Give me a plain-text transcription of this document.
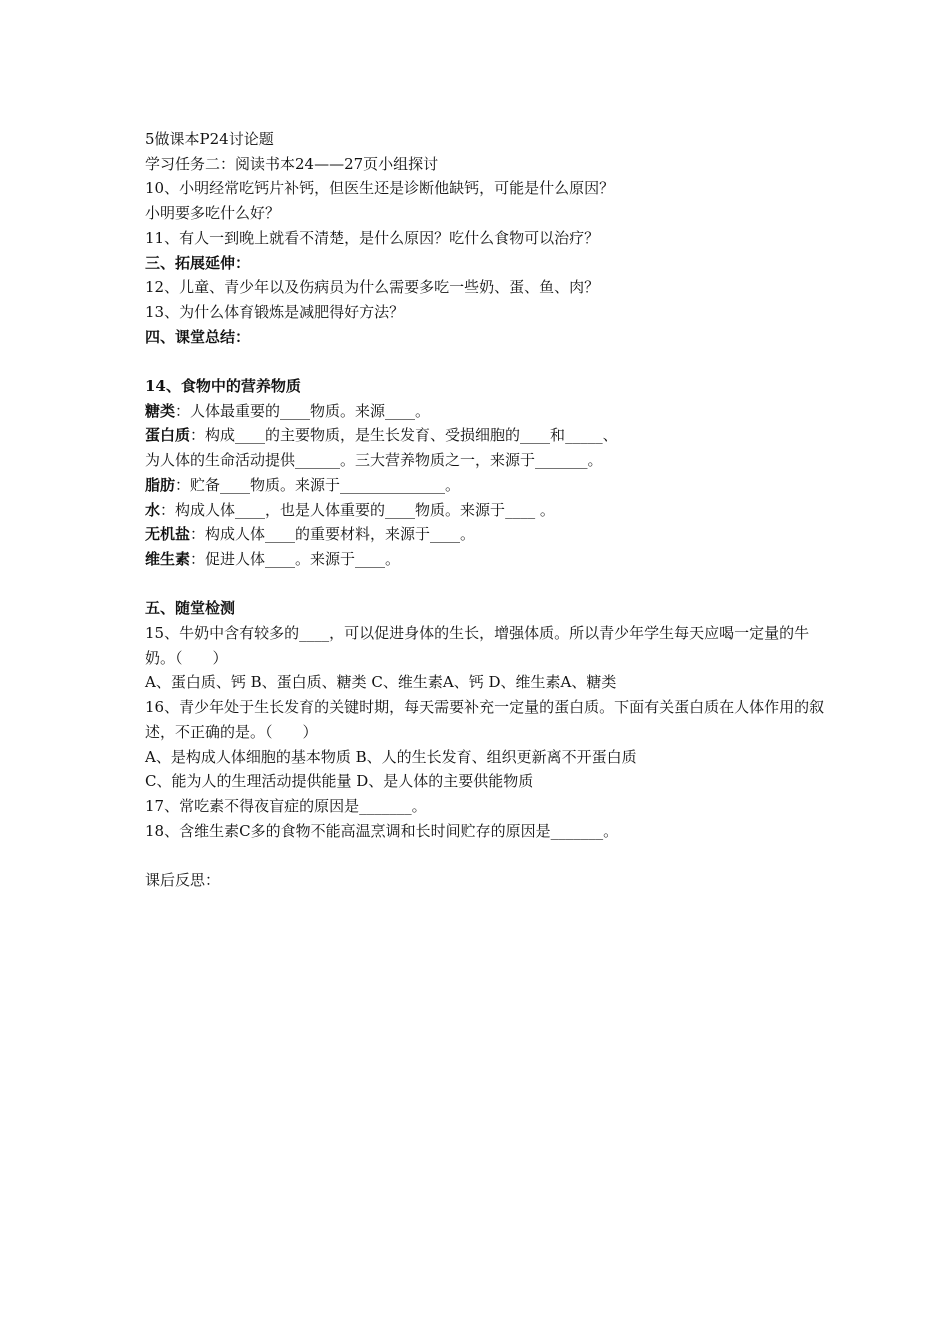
5做课本P24讨论题
学习任务二：阅读书本24——27页小组探讨
10、小明经常吃钙片补钙，但医生还是诊断他缺钙，可能是什么原因？
小明要多吃什么好？
11、有人一到晚上就看不清楚，是什么原因？吃什么食物可以治疗？
三、拓展延伸：
12、儿童、青少年以及伤病员为什么需要多吃一些奶、蛋、鱼、肉？
13、为什么体育锻炼是减肥得好方法？
四、课堂总结：
14、食物中的营养物质
糖类：人体最重要的____物质。来源____。
蛋白质：构成____的主要物质，是生长发育、受损细胞的____和_____、
为人体的生命活动提供______。三大营养物质之一，来源于_______。
脂肪：贮备____物质。来源于______________。
水：构成人体____，也是人体重要的____物质。来源于____ 。
无机盐：构成人体____的重要材料，来源于____。
维生素：促进人体____。来源于____。
五、随堂检测
15、牛奶中含有较多的____，可以促进身体的生长，增强体质。所以青少年学生每天应喝一定量的牛奶。（　　）
A、蛋白质、钙 B、蛋白质、糖类 C、维生素A、钙 D、维生素A、糖类
16、青少年处于生长发育的关键时期，每天需要补充一定量的蛋白质。下面有关蛋白质在人体作用的叙述，不正确的是。（　　）
A、是构成人体细胞的基本物质 B、人的生长发育、组织更新离不开蛋白质
C、能为人的生理活动提供能量 D、是人体的主要供能物质
17、常吃素不得夜盲症的原因是_______。
18、含维生素C多的食物不能高温烹调和长时间贮存的原因是_______。
课后反思：
